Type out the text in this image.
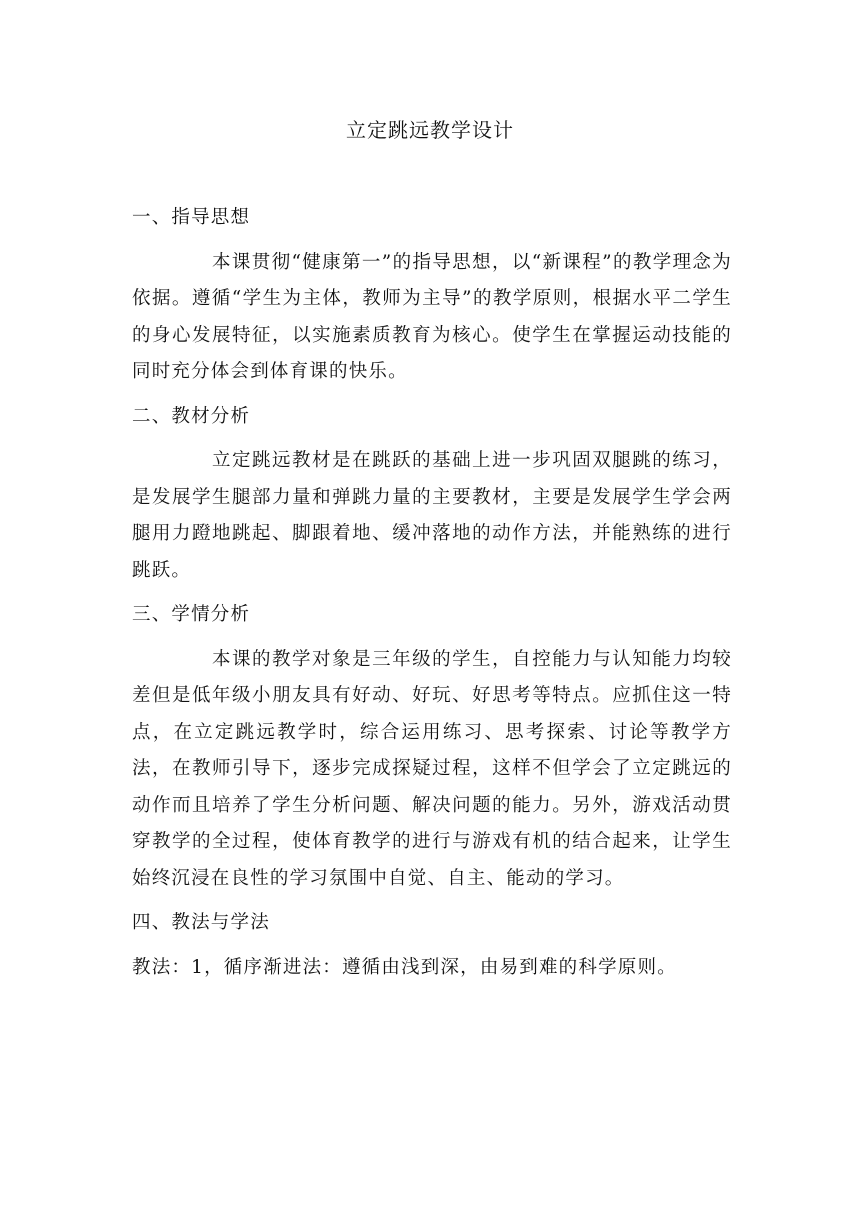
立定跳远教学设计
一、指导思想

本课贯彻“健康第一”的指导思想，以“新课程”的教学理念为依据。遵循“学生为主体，教师为主导”的教学原则，根据水平二学生的身心发展特征，以实施素质教育为核心。使学生在掌握运动技能的同时充分体会到体育课的快乐。

二、教材分析

立定跳远教材是在跳跃的基础上进一步巩固双腿跳的练习，是发展学生腿部力量和弹跳力量的主要教材，主要是发展学生学会两腿用力蹬地跳起、脚跟着地、缓冲落地的动作方法，并能熟练的进行跳跃。

三、学情分析

本课的教学对象是三年级的学生，自控能力与认知能力均较差但是低年级小朋友具有好动、好玩、好思考等特点。应抓住这一特点，在立定跳远教学时，综合运用练习、思考探索、讨论等教学方法，在教师引导下，逐步完成探疑过程，这样不但学会了立定跳远的动作而且培养了学生分析问题、解决问题的能力。另外，游戏活动贯穿教学的全过程，使体育教学的进行与游戏有机的结合起来，让学生始终沉浸在良性的学习氛围中自觉、自主、能动的学习。

四、教法与学法

教法：1，循序渐进法：遵循由浅到深，由易到难的科学原则。
